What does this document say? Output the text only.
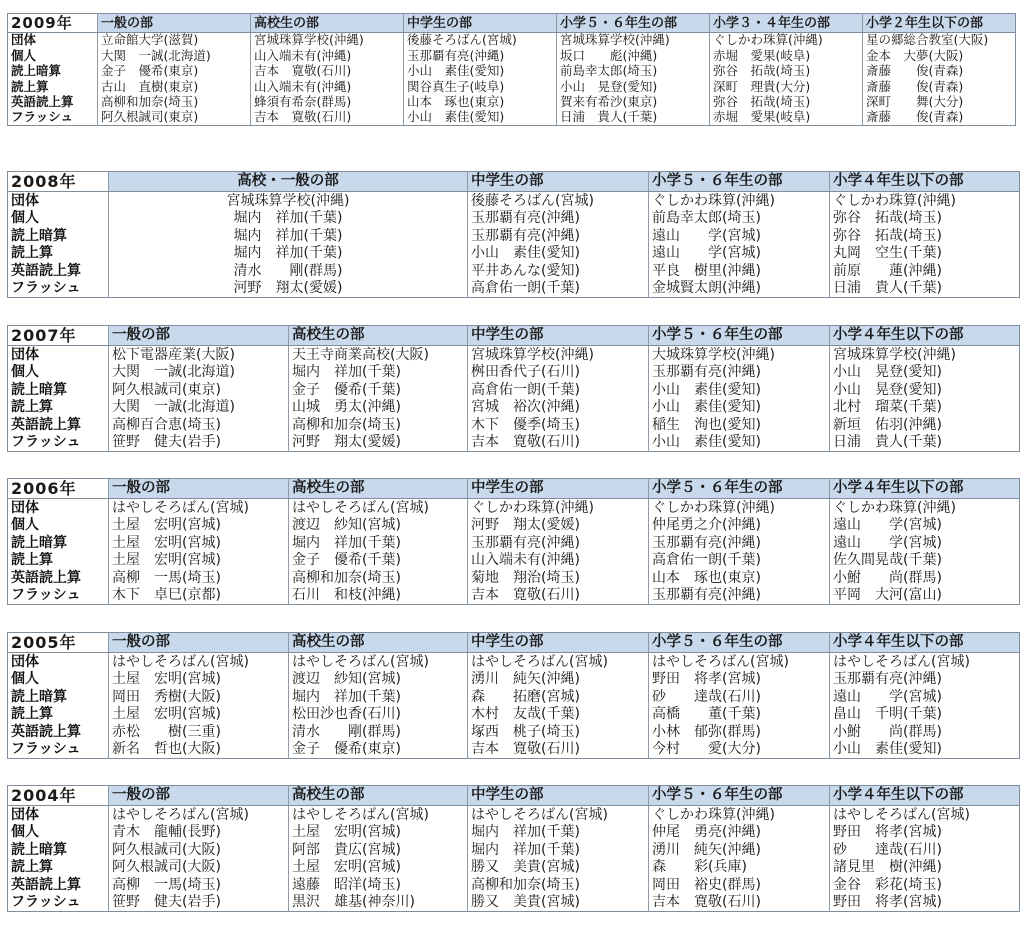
2009年	一般の部	高校生の部	中学生の部	小学５・６年生の部	小学３・４年生の部	小学２年生以下の部
団体	立命館大学(滋賀)	宮城珠算学校(沖縄)	後藤そろばん(宮城)	宮城珠算学校(沖縄)	ぐしかわ珠算(沖縄)	星の郷総合教室(大阪)
個人	大関　一誠(北海道)	山入端未有(沖縄)	玉那覇有亮(沖縄)	坂口　　彪(沖縄)	赤堀　愛果(岐阜)	金本　大夢(大阪)
読上暗算	金子　優希(東京)	吉本　寛敬(石川)	小山　素佳(愛知)	前島幸太郎(埼玉)	弥谷　拓哉(埼玉)	斎藤　　俊(青森)
読上算	古山　直樹(東京)	山入端未有(沖縄)	関谷真生子(岐阜)	小山　晃登(愛知)	深町　理貴(大分)	斎藤　　俊(青森)
英語読上算	高柳和加奈(埼玉)	蜂須有希奈(群馬)	山本　琢也(東京)	賀来有希沙(東京)	弥谷　拓哉(埼玉)	深町　　舞(大分)
フラッシュ	阿久根誠司(東京)	吉本　寛敬(石川)	小山　素佳(愛知)	日浦　貴人(千葉)	赤堀　愛果(岐阜)	斎藤　　俊(青森)
2008年	高校・一般の部	中学生の部	小学５・６年生の部	小学４年生以下の部
団体	宮城珠算学校(沖縄)	後藤そろばん(宮城)	ぐしかわ珠算(沖縄)	ぐしかわ珠算(沖縄)
個人	堀内　祥加(千葉)	玉那覇有亮(沖縄)	前島幸太郎(埼玉)	弥谷　拓哉(埼玉)
読上暗算	堀内　祥加(千葉)	玉那覇有亮(沖縄)	遠山　　学(宮城)	弥谷　拓哉(埼玉)
読上算	堀内　祥加(千葉)	小山　素佳(愛知)	遠山　　学(宮城)	丸岡　空生(千葉)
英語読上算	清水　　剛(群馬)	平井あんな(愛知)	平良　樹里(沖縄)	前原　　蓮(沖縄)
フラッシュ	河野　翔太(愛媛)	高倉佑一朗(千葉)	金城賢太朗(沖縄)	日浦　貴人(千葉)
2007年	一般の部	高校生の部	中学生の部	小学５・６年生の部	小学４年生以下の部
団体	松下電器産業(大阪)	天王寺商業高校(大阪)	宮城珠算学校(沖縄)	大城珠算学校(沖縄)	宮城珠算学校(沖縄)
個人	大関　一誠(北海道)	堀内　祥加(千葉)	桝田香代子(石川)	玉那覇有亮(沖縄)	小山　晃登(愛知)
読上暗算	阿久根誠司(東京)	金子　優希(千葉)	高倉佑一朗(千葉)	小山　素佳(愛知)	小山　晃登(愛知)
読上算	大関　一誠(北海道)	山城　勇太(沖縄)	宮城　裕次(沖縄)	小山　素佳(愛知)	北村　瑠菜(千葉)
英語読上算	高柳百合恵(埼玉)	高柳和加奈(埼玉)	木下　優季(埼玉)	稲生　洵也(愛知)	新垣　佑羽(沖縄)
フラッシュ	笹野　健夫(岩手)	河野　翔太(愛媛)	吉本　寛敬(石川)	小山　素佳(愛知)	日浦　貴人(千葉)
2006年	一般の部	高校生の部	中学生の部	小学５・６年生の部	小学４年生以下の部
団体	はやしそろばん(宮城)	はやしそろばん(宮城)	ぐしかわ珠算(沖縄)	ぐしかわ珠算(沖縄)	ぐしかわ珠算(沖縄)
個人	土屋　宏明(宮城)	渡辺　紗知(宮城)	河野　翔太(愛媛)	仲尾勇之介(沖縄)	遠山　　学(宮城)
読上暗算	土屋　宏明(宮城)	堀内　祥加(千葉)	玉那覇有亮(沖縄)	玉那覇有亮(沖縄)	遠山　　学(宮城)
読上算	土屋　宏明(宮城)	金子　優希(千葉)	山入端未有(沖縄)	高倉佑一朗(千葉)	佐久間晃哉(千葉)
英語読上算	高柳　一馬(埼玉)	高柳和加奈(埼玉)	菊地　翔治(埼玉)	山本　琢也(東京)	小鮒　　尚(群馬)
フラッシュ	木下　卓巳(京都)	石川　和枝(沖縄)	吉本　寛敬(石川)	玉那覇有亮(沖縄)	平岡　大河(富山)
2005年	一般の部	高校生の部	中学生の部	小学５・６年生の部	小学４年生以下の部
団体	はやしそろばん(宮城)	はやしそろばん(宮城)	はやしそろばん(宮城)	はやしそろばん(宮城)	はやしそろばん(宮城)
個人	土屋　宏明(宮城)	渡辺　紗知(宮城)	湧川　純矢(沖縄)	野田　将孝(宮城)	玉那覇有亮(沖縄)
読上暗算	岡田　秀樹(大阪)	堀内　祥加(千葉)	森　　拓磨(宮城)	砂　　達哉(石川)	遠山　　学(宮城)
読上算	土屋　宏明(宮城)	松田沙也香(石川)	木村　友哉(千葉)	高橋　　董(千葉)	畠山　千明(千葉)
英語読上算	赤松　　樹(三重)	清水　　剛(群馬)	塚西　桃子(埼玉)	小林　郁弥(群馬)	小鮒　　尚(群馬)
フラッシュ	新名　哲也(大阪)	金子　優希(東京)	吉本　寛敬(石川)	今村　　愛(大分)	小山　素佳(愛知)
2004年	一般の部	高校生の部	中学生の部	小学５・６年生の部	小学４年生以下の部
団体	はやしそろばん(宮城)	はやしそろばん(宮城)	はやしそろばん(宮城)	ぐしかわ珠算(沖縄)	はやしそろばん(宮城)
個人	青木　龍輔(長野)	土屋　宏明(宮城)	堀内　祥加(千葉)	仲尾　勇亮(沖縄)	野田　将孝(宮城)
読上暗算	阿久根誠司(大阪)	阿部　貴広(宮城)	堀内　祥加(千葉)	湧川　純矢(沖縄)	砂　　達哉(石川)
読上算	阿久根誠司(大阪)	土屋　宏明(宮城)	勝又　美貴(宮城)	森　　彩(兵庫)	諸見里　樹(沖縄)
英語読上算	高柳　一馬(埼玉)	遠藤　昭洋(埼玉)	高柳和加奈(埼玉)	岡田　裕史(群馬)	金谷　彩花(埼玉)
フラッシュ	笹野　健夫(岩手)	黒沢　雄基(神奈川)	勝又　美貴(宮城)	吉本　寛敬(石川)	野田　将孝(宮城)
